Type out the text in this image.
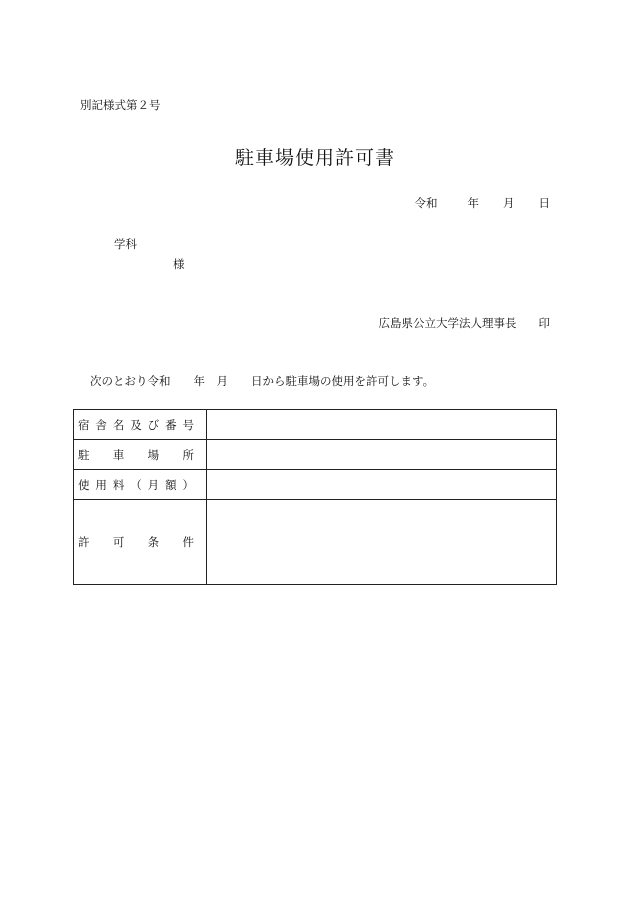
別記様式第２号
駐車場使用許可書
令和	年 月 日
学科
様
広島県公立大学法人理事長 印
次のとおり令和　　年　月　　日から駐車場の使用を許可します。
宿舎名及び番号	

駐車場所	

使用料（月額）	

許可条件	
